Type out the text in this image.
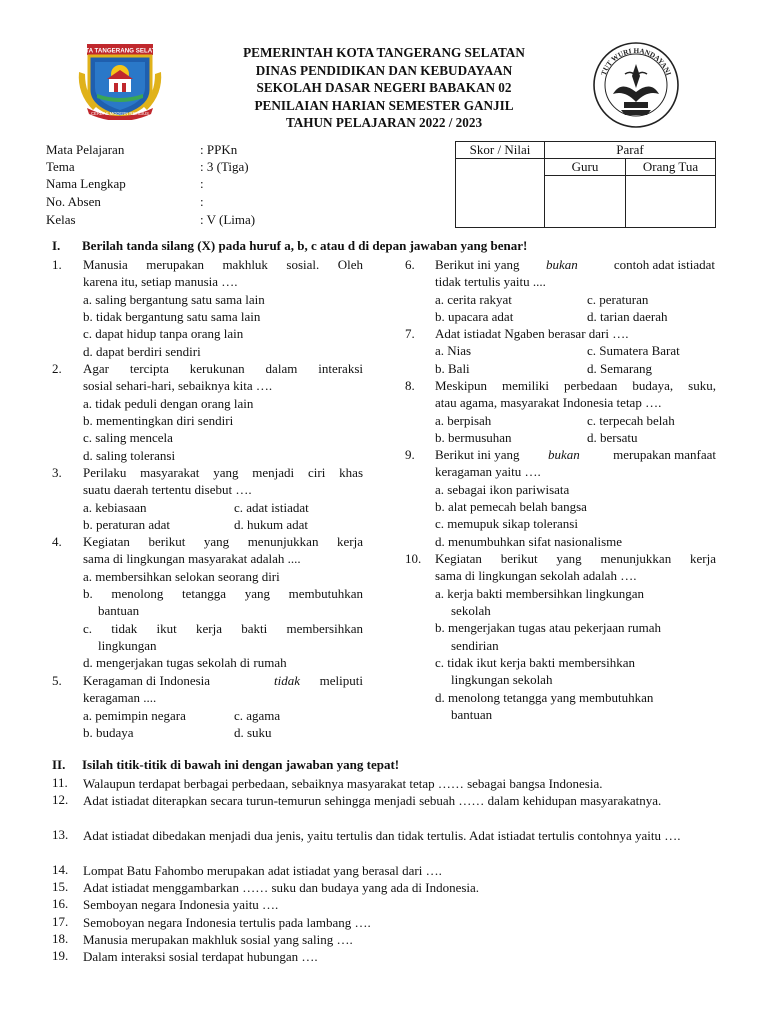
KOTA TANGERANG SELATAN
CERDAS MODERN RELIGIUS
TUT WURI HANDAYANI
PEMERINTAH KOTA TANGERANG SELATAN
DINAS PENDIDIKAN DAN KEBUDAYAAN
SEKOLAH DASAR NEGERI BABAKAN 02
PENILAIAN HARIAN SEMESTER GANJIL
TAHUN PELAJARAN 2022 / 2023
Mata Pelajaran	: PPKn
Tema	: 3 (Tiga)
Nama Lengkap	:
No. Absen	:
Kelas	: V (Lima)
Skor / Nilai	Paraf	
	Guru	Orang Tua

I. Berilah tanda silang (X) pada huruf a, b, c atau d di depan jawaban yang benar!
1. Manusia merupakan makhluk sosial. Oleh
karena itu, setiap manusia ….
a. saling bergantung satu sama lain
b. tidak bergantung satu sama lain
c. dapat hidup tanpa orang lain
d. dapat berdiri sendiri
2. Agar tercipta kerukunan dalam interaksi
sosial sehari-hari, sebaiknya kita ….
a. tidak peduli dengan orang lain
b. mementingkan diri sendiri
c. saling mencela
d. saling toleransi
3. Perilaku masyarakat yang menjadi ciri khas
suatu daerah tertentu disebut ….
a. kebiasaan
b. peraturan adat
c. adat istiadat
d. hukum adat
4. Kegiatan berikut yang menunjukkan kerja
sama di lingkungan masyarakat adalah ....
a. membersihkan selokan seorang diri
b. menolong tetangga yang membutuhkan
bantuan
c. tidak ikut kerja bakti membersihkan
lingkungan
d. mengerjakan tugas sekolah di rumah
5. Keragaman di Indonesia	tidak	meliputi
keragaman ....
a. pemimpin negara
b. budaya
c. agama
d. suku
6. Berikut ini yang bukan	contoh adat istiadat
tidak tertulis yaitu ....
a. cerita rakyat
b. upacara adat
c. peraturan
d. tarian daerah
7. Adat istiadat Ngaben berasar dari ….
a. Nias
b. Bali
c. Sumatera Barat
d. Semarang
8. Meskipun memiliki perbedaan budaya, suku,
atau agama, masyarakat Indonesia tetap ….
a. berpisah
b. bermusuhan
c. terpecah belah
d. bersatu
9. Berikut ini yang bukan	merupakan manfaat
keragaman yaitu ….
a. sebagai ikon pariwisata
b. alat pemecah belah bangsa
c. memupuk sikap toleransi
d. menumbuhkan sifat nasionalisme
10. Kegiatan berikut yang menunjukkan kerja
sama di lingkungan sekolah adalah ….
a. kerja bakti membersihkan lingkungan
sekolah
b. mengerjakan tugas atau pekerjaan rumah
sendirian
c. tidak ikut kerja bakti membersihkan
lingkungan sekolah
d. menolong tetangga yang membutuhkan
bantuan
II. Isilah titik-titik di bawah ini dengan jawaban yang tepat!
11. Walaupun terdapat berbagai perbedaan, sebaiknya masyarakat tetap …… sebagai bangsa Indonesia.
12. Adat istiadat diterapkan secara turun-temurun sehingga menjadi sebuah …… dalam kehidupan masyarakatnya.
13. Adat istiadat dibedakan menjadi dua jenis, yaitu tertulis dan tidak tertulis. Adat istiadat tertulis contohnya yaitu ….
14. Lompat Batu Fahombo merupakan adat istiadat yang berasal dari ….
15. Adat istiadat menggambarkan …… suku dan budaya yang ada di Indonesia.
16. Semboyan negara Indonesia yaitu ….
17. Semoboyan negara Indonesia tertulis pada lambang ….
18. Manusia merupakan makhluk sosial yang saling ….
19. Dalam interaksi sosial terdapat hubungan ….
